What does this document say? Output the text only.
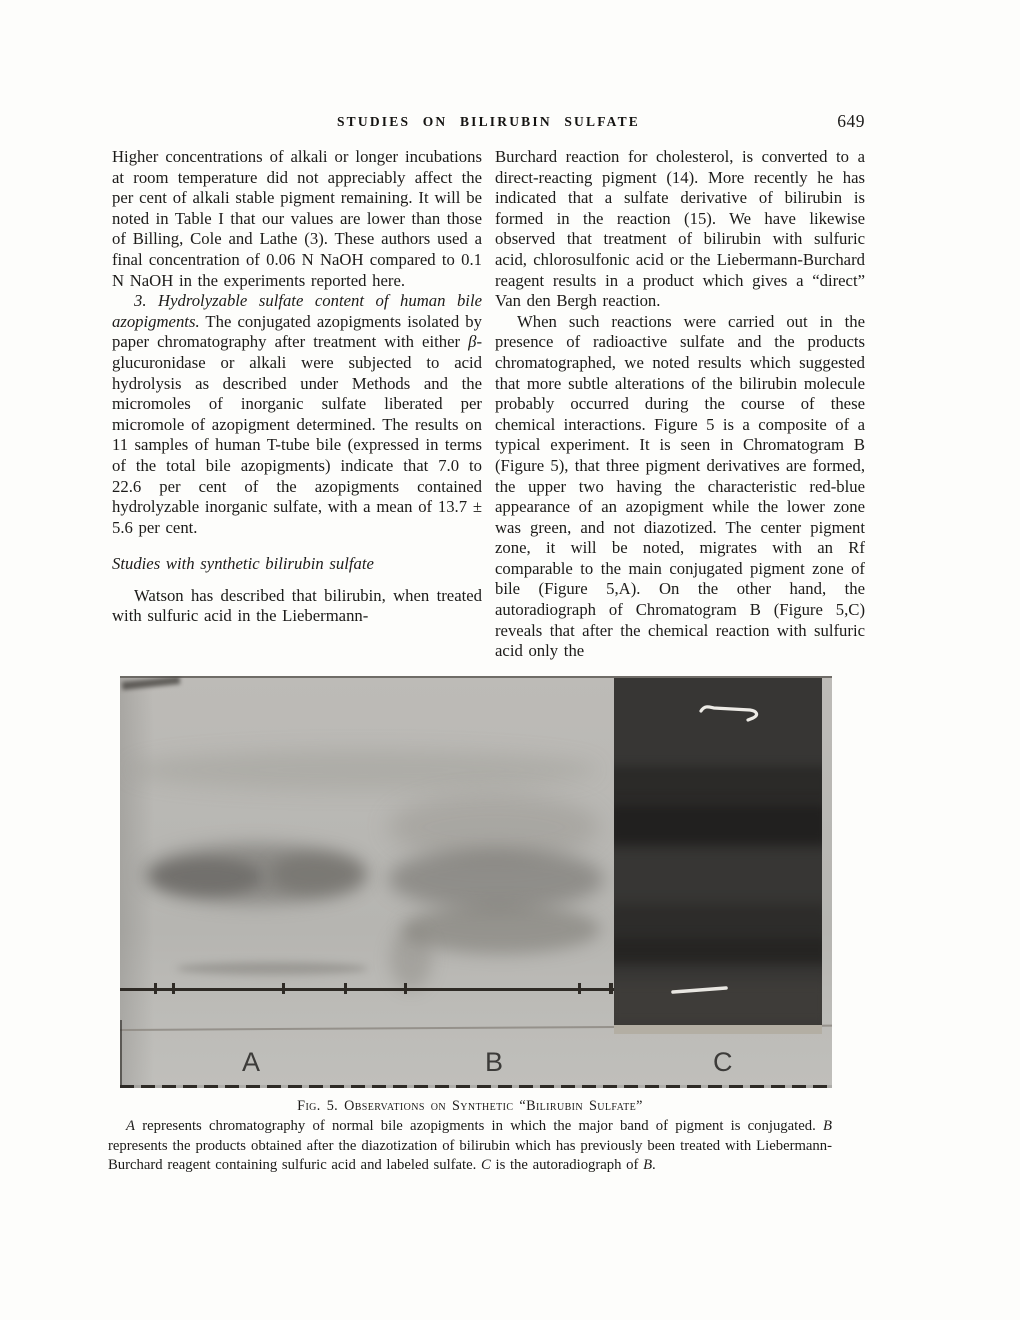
STUDIES ON BILIRUBIN SULFATE	649
Higher concentrations of alkali or longer incubations at room temperature did not appreciably affect the per cent of alkali stable pigment remaining. It will be noted in Table I that our values are lower than those of Billing, Cole and Lathe (3). These authors used a final concentration of 0.06 N NaOH compared to 0.1 N NaOH in the experiments reported here.
3. Hydrolyzable sulfate content of human bile azopigments. The conjugated azopigments isolated by paper chromatography after treatment with either β-glucuronidase or alkali were subjected to acid hydrolysis as described under Methods and the micromoles of inorganic sulfate liberated per micromole of azopigment determined. The results on 11 samples of human T-tube bile (expressed in terms of the total bile azopigments) indicate that 7.0 to 22.6 per cent of the azopigments contained hydrolyzable inorganic sulfate, with a mean of 13.7 ± 5.6 per cent.
Studies with synthetic bilirubin sulfate
Watson has described that bilirubin, when treated with sulfuric acid in the Liebermann-
Burchard reaction for cholesterol, is converted to a direct-reacting pigment (14). More recently he has indicated that a sulfate derivative of bilirubin is formed in the reaction (15). We have likewise observed that treatment of bilirubin with sulfuric acid, chlorosulfonic acid or the Liebermann-Burchard reagent results in a product which gives a “direct” Van den Bergh reaction.
When such reactions were carried out in the presence of radioactive sulfate and the products chromatographed, we noted results which suggested that more subtle alterations of the bilirubin molecule probably occurred during the course of these chemical interactions. Figure 5 is a composite of a typical experiment. It is seen in Chromatogram B (Figure 5), that three pigment derivatives are formed, the upper two having the characteristic red-blue appearance of an azopigment while the lower zone was green, and not diazotized. The center pigment zone, it will be noted, migrates with an Rf comparable to the main conjugated pigment zone of bile (Figure 5,A). On the other hand, the autoradiograph of Chromatogram B (Figure 5,C) reveals that after the chemical reaction with sulfuric acid only the
A	B	C
Fig. 5. Observations on Synthetic “Bilirubin Sulfate”
A represents chromatography of normal bile azopigments in which the major band of pigment is conjugated. B represents the products obtained after the diazotization of bilirubin which has previously been treated with Liebermann-Burchard reagent containing sulfuric acid and labeled sulfate. C is the autoradiograph of B.
